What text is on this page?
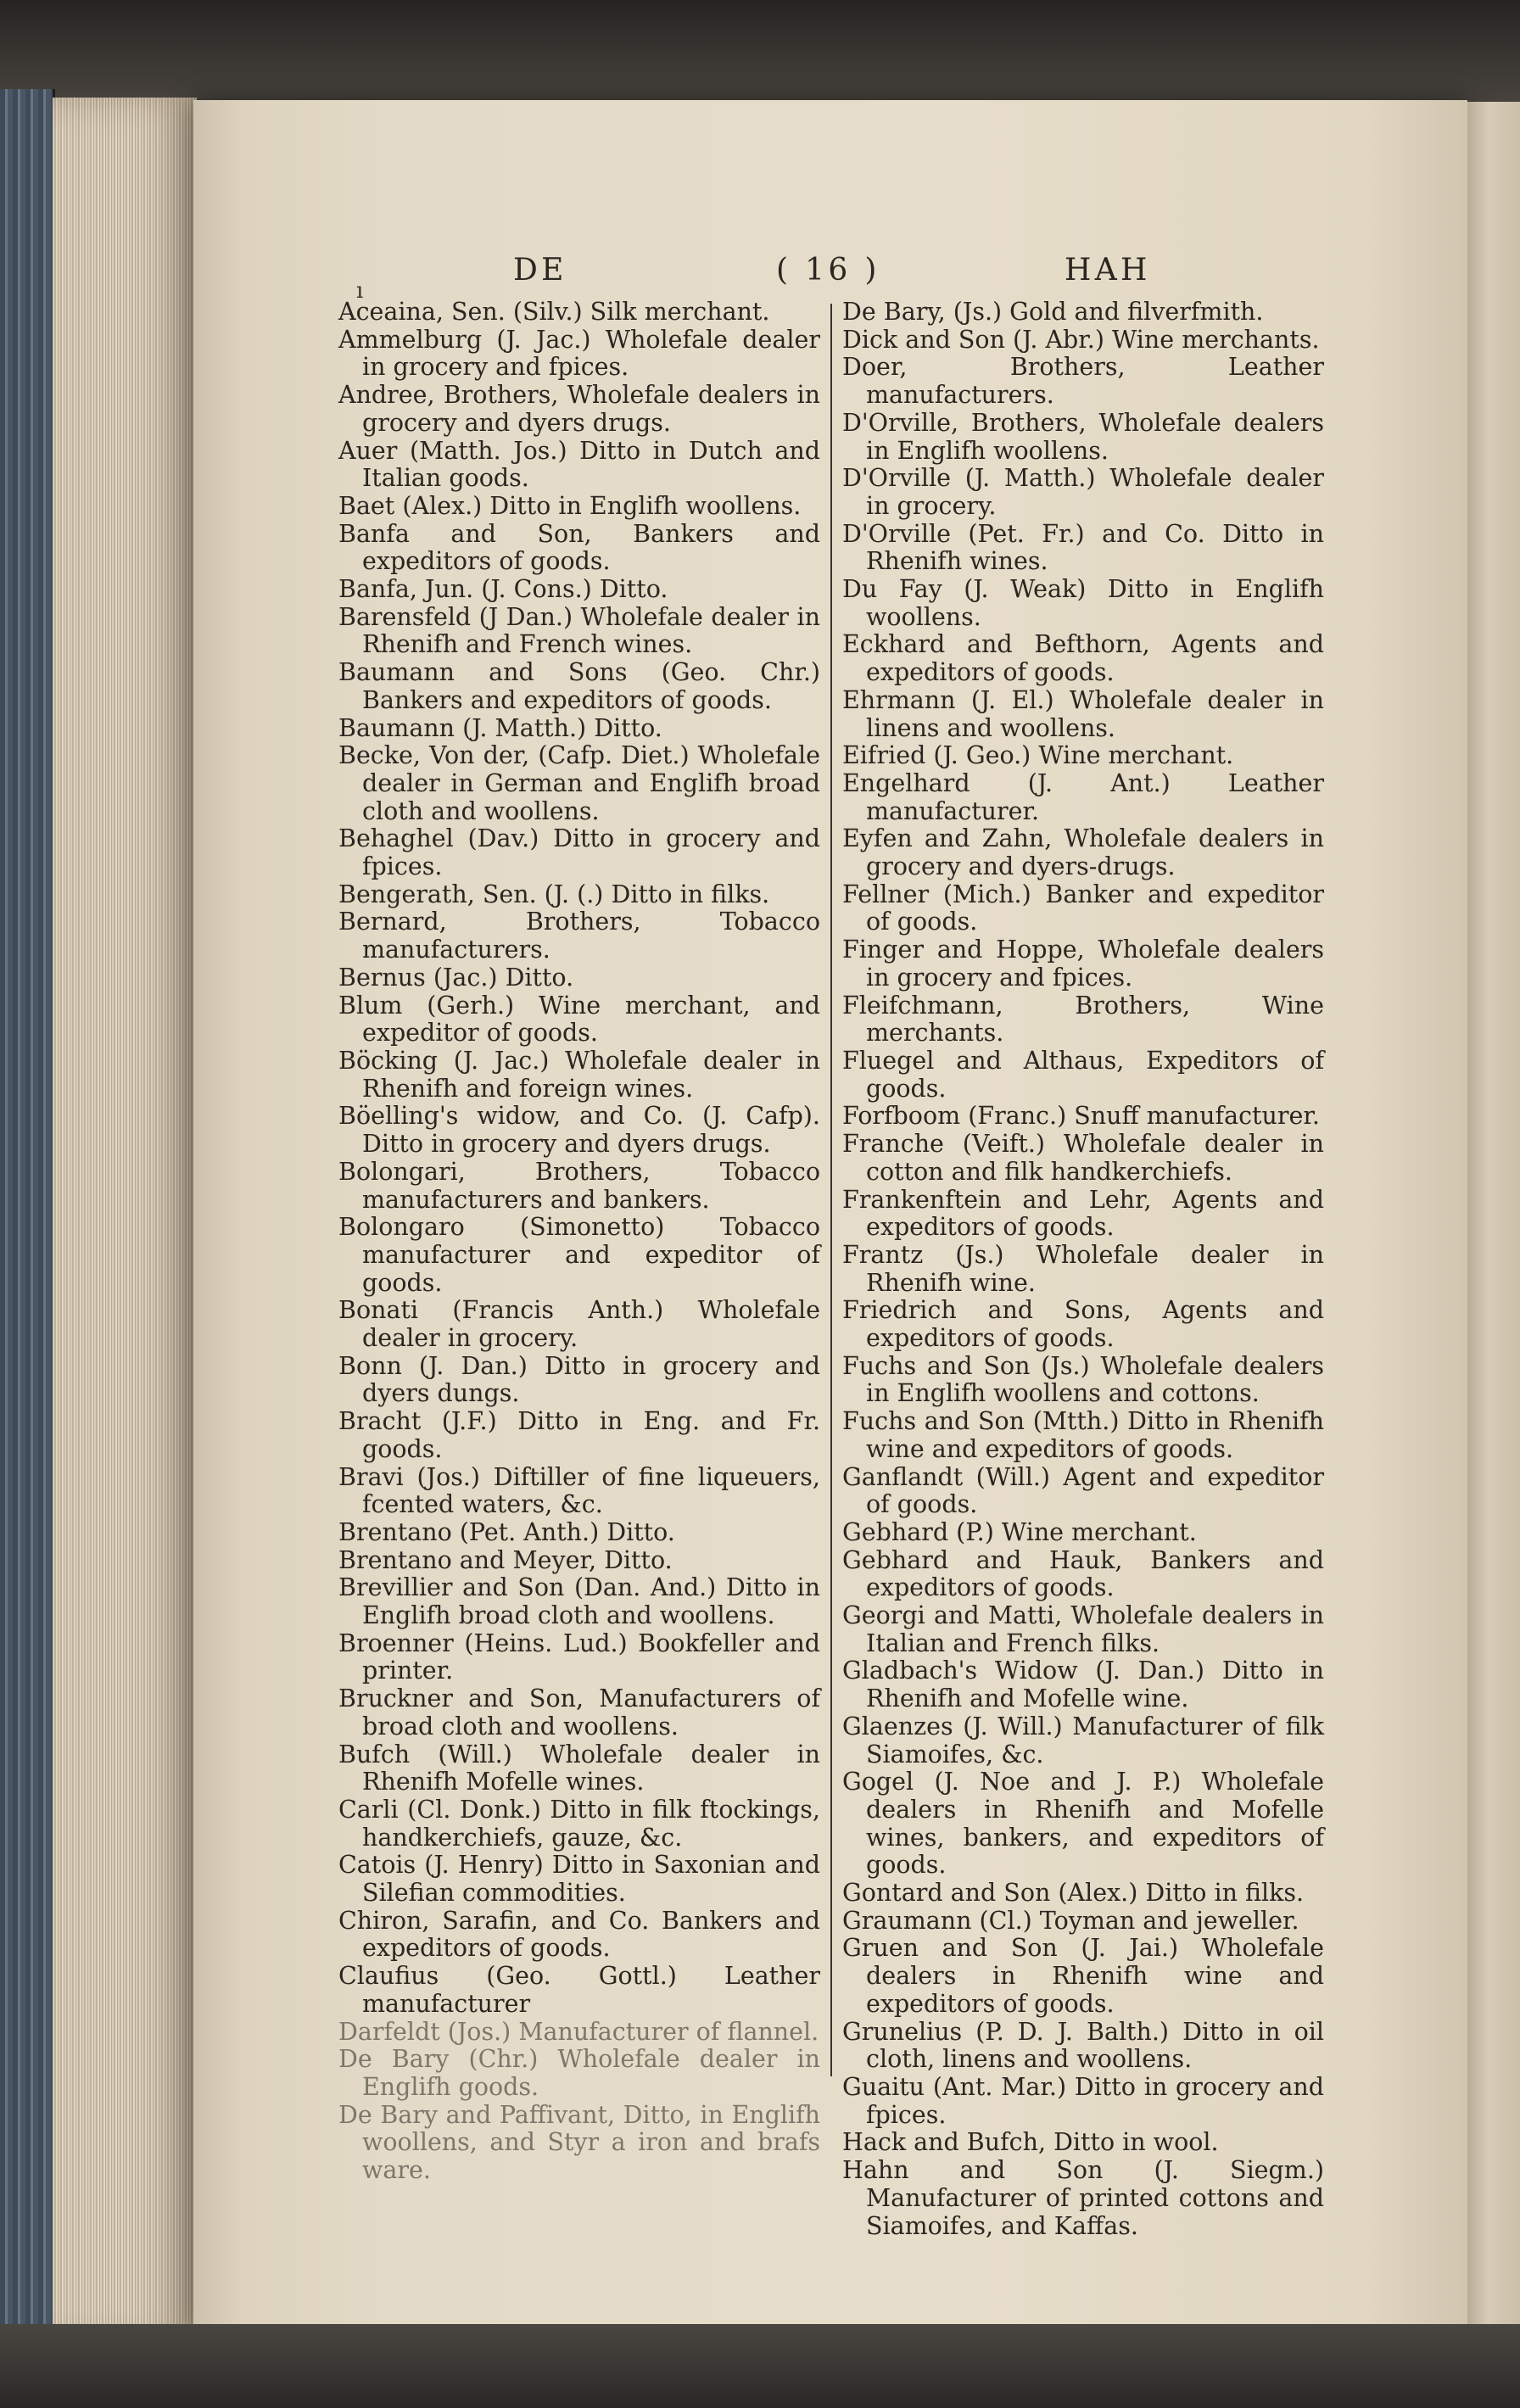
DE	( 16 )	HAH
ı

Aceaina, Sen. (Silv.) Silk merchant.

Ammelburg (J. Jac.) Wholefale dealer in grocery and fpices.

Andree, Brothers, Wholefale dealers in grocery and dyers drugs.

Auer (Matth. Jos.) Ditto in Dutch and Italian goods.

Baet (Alex.) Ditto in Englifh woollens.

Banfa and Son, Bankers and expeditors of goods.

Banfa, Jun. (J. Cons.) Ditto.

Barensfeld (J Dan.) Wholefale dealer in Rhenifh and French wines.

Baumann and Sons (Geo. Chr.) Bankers and expeditors of goods.

Baumann (J. Matth.) Ditto.

Becke, Von der, (Cafp. Diet.) Wholefale dealer in German and Englifh broad cloth and woollens.

Behaghel (Dav.) Ditto in grocery and fpices.

Bengerath, Sen. (J. (.) Ditto in filks.

Bernard, Brothers, Tobacco manufacturers.

Bernus (Jac.) Ditto.

Blum (Gerh.) Wine merchant, and expeditor of goods.

Böcking (J. Jac.) Wholefale dealer in Rhenifh and foreign wines.

Böelling's widow, and Co. (J. Cafp). Ditto in grocery and dyers drugs.

Bolongari, Brothers, Tobacco manufacturers and bankers.

Bolongaro (Simonetto) Tobacco manufacturer and expeditor of goods.

Bonati (Francis Anth.) Wholefale dealer in grocery.

Bonn (J. Dan.) Ditto in grocery and dyers dungs.

Bracht (J.F.) Ditto in Eng. and Fr. goods.

Bravi (Jos.) Diftiller of fine liqueuers, fcented waters, &c.

Brentano (Pet. Anth.) Ditto.

Brentano and Meyer, Ditto.

Brevillier and Son (Dan. And.) Ditto in Englifh broad cloth and woollens.

Broenner (Heins. Lud.) Bookfeller and printer.

Bruckner and Son, Manufacturers of broad cloth and woollens.

Bufch (Will.) Wholefale dealer in Rhenifh Mofelle wines.

Carli (Cl. Donk.) Ditto in filk ftockings, handkerchiefs, gauze, &c.

Catois (J. Henry) Ditto in Saxonian and Silefian commodities.

Chiron, Sarafin, and Co. Bankers and expeditors of goods.

Claufius (Geo. Gottl.) Leather manufacturer

Darfeldt (Jos.) Manufacturer of flannel.

De Bary (Chr.) Wholefale dealer in Englifh goods.

De Bary and Paffivant, Ditto, in Englifh woollens, and Styr a iron and brafs ware.

De Bary, (Js.) Gold and filverfmith.

Dick and Son (J. Abr.) Wine merchants.

Doer, Brothers, Leather manufacturers.

D'Orville, Brothers, Wholefale dealers in Englifh woollens.

D'Orville (J. Matth.) Wholefale dealer in grocery.

D'Orville (Pet. Fr.) and Co. Ditto in Rhenifh wines.

Du Fay (J. Weak) Ditto in Englifh woollens.

Eckhard and Befthorn, Agents and expeditors of goods.

Ehrmann (J. El.) Wholefale dealer in linens and woollens.

Eifried (J. Geo.) Wine merchant.

Engelhard (J. Ant.) Leather manufacturer.

Eyfen and Zahn, Wholefale dealers in grocery and dyers-drugs.

Fellner (Mich.) Banker and expeditor of goods.

Finger and Hoppe, Wholefale dealers in grocery and fpices.

Fleifchmann, Brothers, Wine merchants.

Fluegel and Althaus, Expeditors of goods.

Forfboom (Franc.) Snuff manufacturer.

Franche (Veift.) Wholefale dealer in cotton and filk handkerchiefs.

Frankenftein and Lehr, Agents and expeditors of goods.

Frantz (Js.) Wholefale dealer in Rhenifh wine.

Friedrich and Sons, Agents and expeditors of goods.

Fuchs and Son (Js.) Wholefale dealers in Englifh woollens and cottons.

Fuchs and Son (Mtth.) Ditto in Rhenifh wine and expeditors of goods.

Ganflandt (Will.) Agent and expeditor of goods.

Gebhard (P.) Wine merchant.

Gebhard and Hauk, Bankers and expeditors of goods.

Georgi and Matti, Wholefale dealers in Italian and French filks.

Gladbach's Widow (J. Dan.) Ditto in Rhenifh and Mofelle wine.

Glaenzes (J. Will.) Manufacturer of filk Siamoifes, &c.

Gogel (J. Noe and J. P.) Wholefale dealers in Rhenifh and Mofelle wines, bankers, and expeditors of goods.

Gontard and Son (Alex.) Ditto in filks.

Graumann (Cl.) Toyman and jeweller.

Gruen and Son (J. Jai.) Wholefale dealers in Rhenifh wine and expeditors of goods.

Grunelius (P. D. J. Balth.) Ditto in oil cloth, linens and woollens.

Guaitu (Ant. Mar.) Ditto in grocery and fpices.

Hack and Bufch, Ditto in wool.

Hahn and Son (J. Siegm.) Manufacturer of printed cottons and Siamoifes, and Kaffas.
